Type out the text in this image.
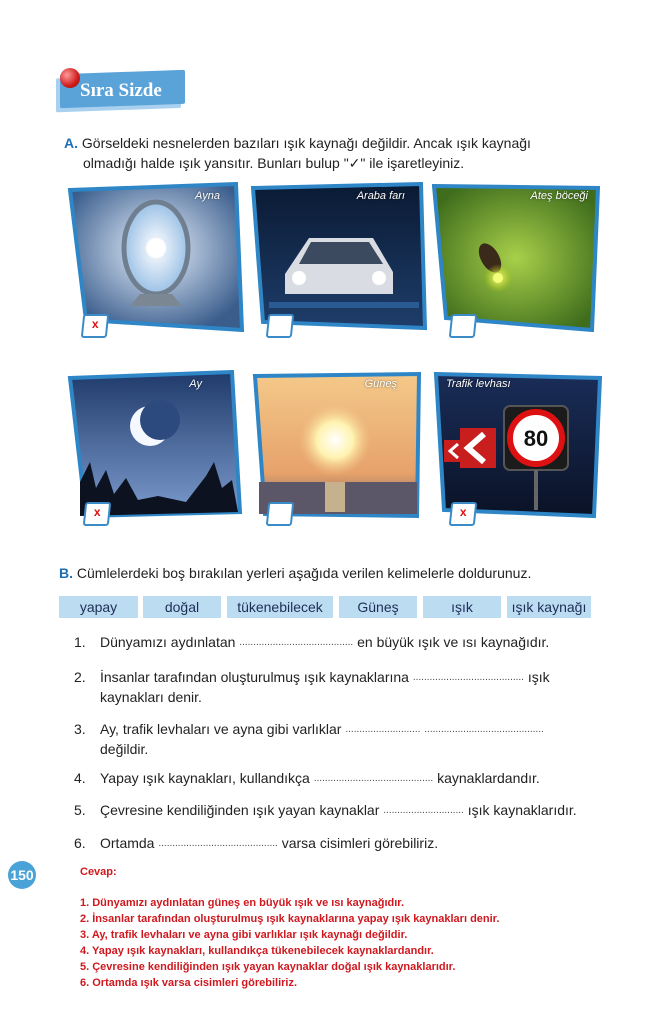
Sıra Sizde
A. Görseldeki nesnelerden bazıları ışık kaynağı değildir. Ancak ışık kaynağı
olmadığı halde ışık yansıtır. Bunları bulup "✓" ile işaretleyiniz.
Ayna
x
Araba farı	Ateş böceği
Ay
x
Güneş
80
Trafik levhası
x
B. Cümlelerdeki boş bırakılan yerleri aşağıda verilen kelimelerle doldurunuz.
yapay	doğal	tükenebilecek	Güneş	ışık	ışık kaynağı
1. Dünyamızı aydınlatan ......................................... en büyük ışık ve ısı kaynağıdır.
2. İnsanlar tarafından oluşturulmuş ışık kaynaklarına ........................................ ışık
kaynakları denir.
3. Ay, trafik levhaları ve ayna gibi varlıklar ........................... ...........................................
değildir.
4. Yapay ışık kaynakları, kullandıkça ........................................... kaynaklardandır.
5. Çevresine kendiliğinden ışık yayan kaynaklar ............................. ışık kaynaklarıdır.
6. Ortamda ........................................... varsa cisimleri görebiliriz.
150	Cevap:
1. Dünyamızı aydınlatan güneş en büyük ışık ve ısı kaynağıdır.
2. İnsanlar tarafından oluşturulmuş ışık kaynaklarına yapay ışık kaynakları denir.
3. Ay, trafik levhaları ve ayna gibi varlıklar ışık kaynağı değildir.
4. Yapay ışık kaynakları, kullandıkça tükenebilecek kaynaklardandır.
5. Çevresine kendiliğinden ışık yayan kaynaklar doğal ışık kaynaklarıdır.
6. Ortamda ışık varsa cisimleri görebiliriz.
